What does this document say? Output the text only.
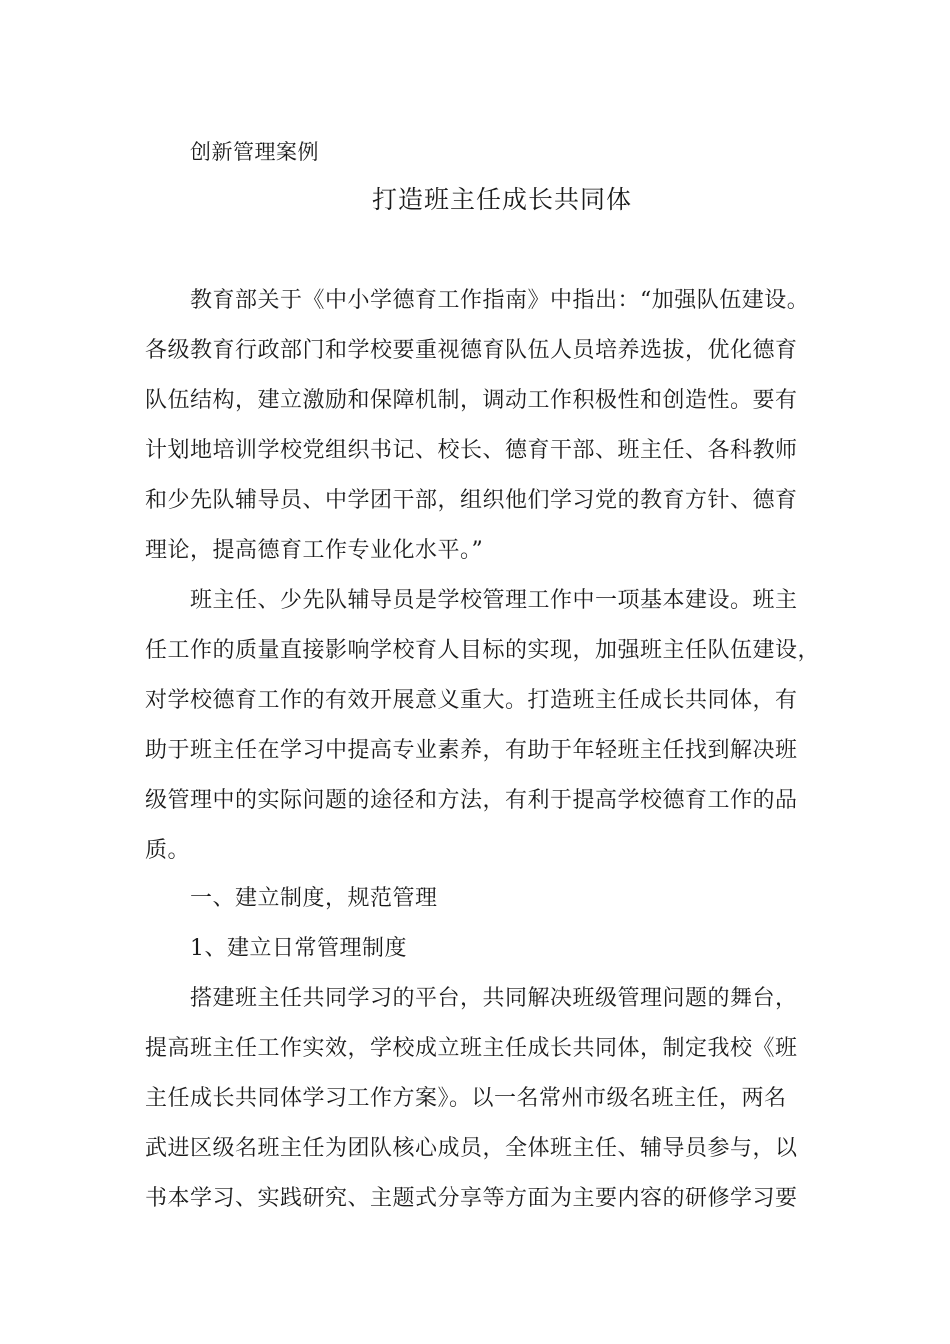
创新管理案例
打造班主任成长共同体
教育部关于《中小学德育工作指南》中指出：“加强队伍建设。
各级教育行政部门和学校要重视德育队伍人员培养选拔，优化德育
队伍结构，建立激励和保障机制，调动工作积极性和创造性。要有
计划地培训学校党组织书记、校长、德育干部、班主任、各科教师
和少先队辅导员、中学团干部，组织他们学习党的教育方针、德育
理论，提高德育工作专业化水平。”
班主任、少先队辅导员是学校管理工作中一项基本建设。班主
任工作的质量直接影响学校育人目标的实现，加强班主任队伍建设，
对学校德育工作的有效开展意义重大。打造班主任成长共同体，有
助于班主任在学习中提高专业素养，有助于年轻班主任找到解决班
级管理中的实际问题的途径和方法，有利于提高学校德育工作的品
质。
一、建立制度，规范管理
1、建立日常管理制度
搭建班主任共同学习的平台，共同解决班级管理问题的舞台，
提高班主任工作实效，学校成立班主任成长共同体，制定我校《班
主任成长共同体学习工作方案》。以一名常州市级名班主任，两名
武进区级名班主任为团队核心成员，全体班主任、辅导员参与，以
书本学习、实践研究、主题式分享等方面为主要内容的研修学习要
